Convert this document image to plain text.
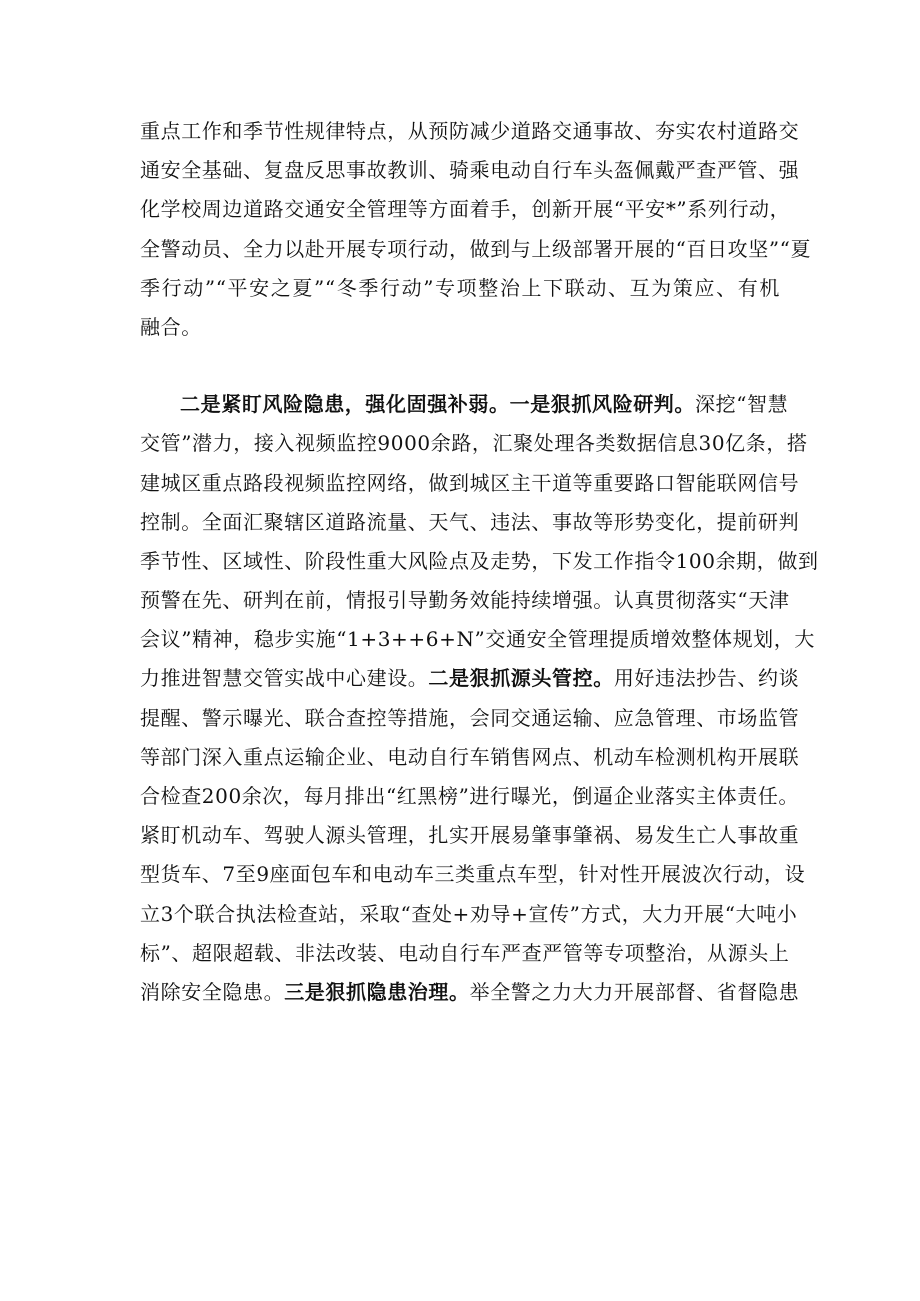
重点工作和季节性规律特点，从预防减少道路交通事故、夯实农村道路交
通安全基础、复盘反思事故教训、骑乘电动自行车头盔佩戴严查严管、强
化学校周边道路交通安全管理等方面着手，创新开展“平安*”系列行动，
全警动员、全力以赴开展专项行动，做到与上级部署开展的“百日攻坚”“夏
季行动”“平安之夏”“冬季行动”专项整治上下联动、互为策应、有机
融合。
二是紧盯风险隐患，强化固强补弱。一是狠抓风险研判。深挖“智慧
交管”潜力，接入视频监控9000余路，汇聚处理各类数据信息30亿条，搭
建城区重点路段视频监控网络，做到城区主干道等重要路口智能联网信号
控制。全面汇聚辖区道路流量、天气、违法、事故等形势变化，提前研判
季节性、区域性、阶段性重大风险点及走势，下发工作指令100余期，做到
预警在先、研判在前，情报引导勤务效能持续增强。认真贯彻落实“天津
会议”精神，稳步实施“1+3++6+N”交通安全管理提质增效整体规划，大
力推进智慧交管实战中心建设。二是狠抓源头管控。用好违法抄告、约谈
提醒、警示曝光、联合查控等措施，会同交通运输、应急管理、市场监管
等部门深入重点运输企业、电动自行车销售网点、机动车检测机构开展联
合检查200余次，每月排出“红黑榜”进行曝光，倒逼企业落实主体责任。
紧盯机动车、驾驶人源头管理，扎实开展易肇事肇祸、易发生亡人事故重
型货车、7至9座面包车和电动车三类重点车型，针对性开展波次行动，设
立3个联合执法检查站，采取“查处+劝导+宣传”方式，大力开展“大吨小
标”、超限超载、非法改装、电动自行车严查严管等专项整治，从源头上
消除安全隐患。三是狠抓隐患治理。举全警之力大力开展部督、省督隐患
